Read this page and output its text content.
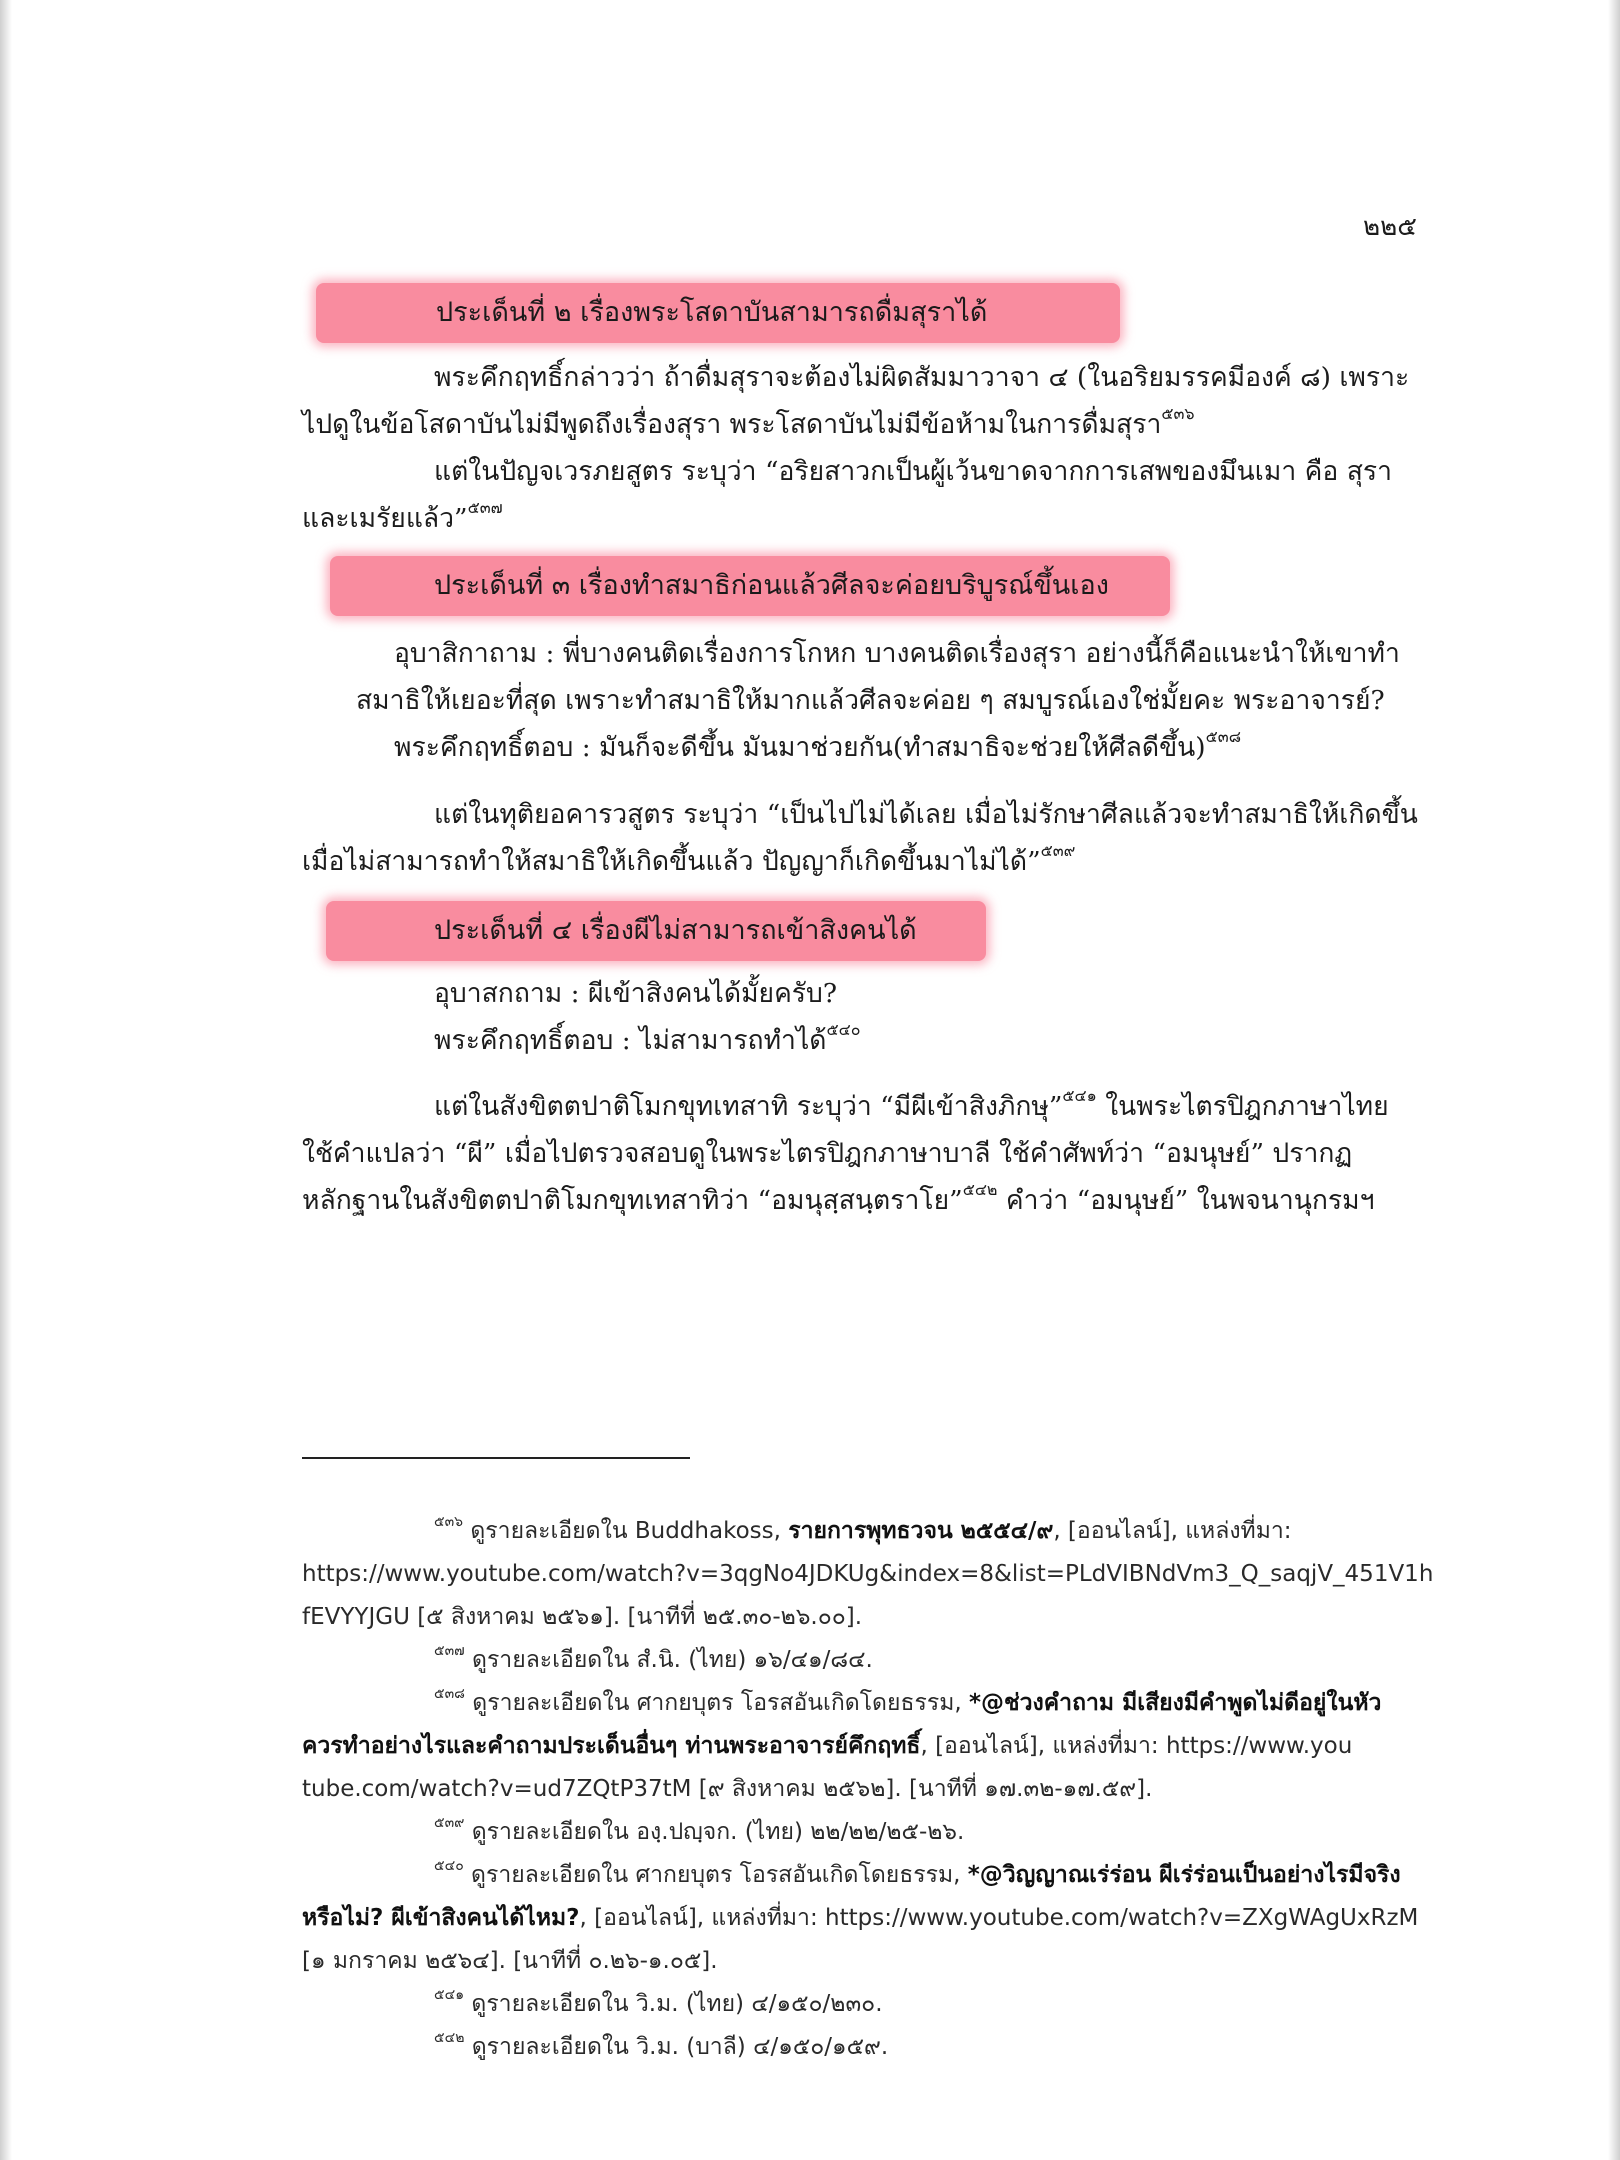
๒๒๕
ประเด็นที่ ๒ เรื่องพระโสดาบันสามารถดื่มสุราได้
พระคึกฤทธิ์กล่าวว่า ถ้าดื่มสุราจะต้องไม่ผิดสัมมาวาจา ๔ (ในอริยมรรคมีองค์ ๘) เพราะ
ไปดูในข้อโสดาบันไม่มีพูดถึงเรื่องสุรา พระโสดาบันไม่มีข้อห้ามในการดื่มสุรา$^{๕๓๖}$
แต่ในปัญจเวรภยสูตร ระบุว่า “อริยสาวกเป็นผู้เว้นขาดจากการเสพของมึนเมา คือ สุรา
และเมรัยแล้ว”$^{๕๓๗}$
ประเด็นที่ ๓ เรื่องทำสมาธิก่อนแล้วศีลจะค่อยบริบูรณ์ขึ้นเอง
อุบาสิกาถาม : พี่บางคนติดเรื่องการโกหก บางคนติดเรื่องสุรา อย่างนี้ก็คือแนะนำให้เขาทำ
สมาธิให้เยอะที่สุด เพราะทำสมาธิให้มากแล้วศีลจะค่อย ๆ สมบูรณ์เองใช่มั้ยคะ พระอาจารย์?
พระคึกฤทธิ์ตอบ : มันก็จะดีขึ้น มันมาช่วยกัน(ทำสมาธิจะช่วยให้ศีลดีขึ้น)$^{๕๓๘}$
แต่ในทุติยอคารวสูตร ระบุว่า “เป็นไปไม่ได้เลย เมื่อไม่รักษาศีลแล้วจะทำสมาธิให้เกิดขึ้น
เมื่อไม่สามารถทำให้สมาธิให้เกิดขึ้นแล้ว ปัญญาก็เกิดขึ้นมาไม่ได้”$^{๕๓๙}$
ประเด็นที่ ๔ เรื่องผีไม่สามารถเข้าสิงคนได้
อุบาสกถาม : ผีเข้าสิงคนได้มั้ยครับ?
พระคึกฤทธิ์ตอบ : ไม่สามารถทำได้$^{๕๔๐}$
แต่ในสังขิตตปาติโมกขุทเทสาทิ ระบุว่า “มีผีเข้าสิงภิกษุ”$^{๕๔๑}$ ในพระไตรปิฎกภาษาไทย
ใช้คำแปลว่า “ผี” เมื่อไปตรวจสอบดูในพระไตรปิฎกภาษาบาลี ใช้คำศัพท์ว่า “อมนุษย์” ปรากฏ
หลักฐานในสังขิตตปาติโมกขุทเทสาทิว่า “อมนุสฺสนฺตราโย”$^{๕๔๒}$ คำว่า “อมนุษย์” ในพจนานุกรมฯ
$^{๕๓๖}$ ดูรายละเอียดใน Buddhakoss, รายการพุทธวจน ๒๕๕๔/๙, [ออนไลน์], แหล่งที่มา:
https://www.youtube.com/watch?v=3qgNo4JDKUg&index=8&list=PLdVIBNdVm3_Q_saqjV_451V1h
fEVYYJGU [๕ สิงหาคม ๒๕๖๑]. [นาทีที่ ๒๕.๓๐-๒๖.๐๐].
$^{๕๓๗}$ ดูรายละเอียดใน สํ.นิ. (ไทย) ๑๖/๔๑/๘๔.
$^{๕๓๘}$ ดูรายละเอียดใน ศากยบุตร โอรสอันเกิดโดยธรรม, *@ช่วงคำถาม มีเสียงมีคำพูดไม่ดีอยู่ในหัว
ควรทำอย่างไรและคำถามประเด็นอื่นๆ ท่านพระอาจารย์คึกฤทธิ์, [ออนไลน์], แหล่งที่มา: https://www.you
tube.com/watch?v=ud7ZQtP37tM [๙ สิงหาคม ๒๕๖๒]. [นาทีที่ ๑๗.๓๒-๑๗.๕๙].
$^{๕๓๙}$ ดูรายละเอียดใน องฺ.ปญฺจก. (ไทย) ๒๒/๒๒/๒๕-๒๖.
$^{๕๔๐}$ ดูรายละเอียดใน ศากยบุตร โอรสอันเกิดโดยธรรม, *@วิญญาณเร่ร่อน ผีเร่ร่อนเป็นอย่างไรมีจริง
หรือไม่? ผีเข้าสิงคนได้ไหม?, [ออนไลน์], แหล่งที่มา: https://www.youtube.com/watch?v=ZXgWAgUxRzM
[๑ มกราคม ๒๕๖๔]. [นาทีที่ ๐.๒๖-๑.๐๕].
$^{๕๔๑}$ ดูรายละเอียดใน วิ.ม. (ไทย) ๔/๑๕๐/๒๓๐.
$^{๕๔๒}$ ดูรายละเอียดใน วิ.ม. (บาลี) ๔/๑๕๐/๑๕๙.
